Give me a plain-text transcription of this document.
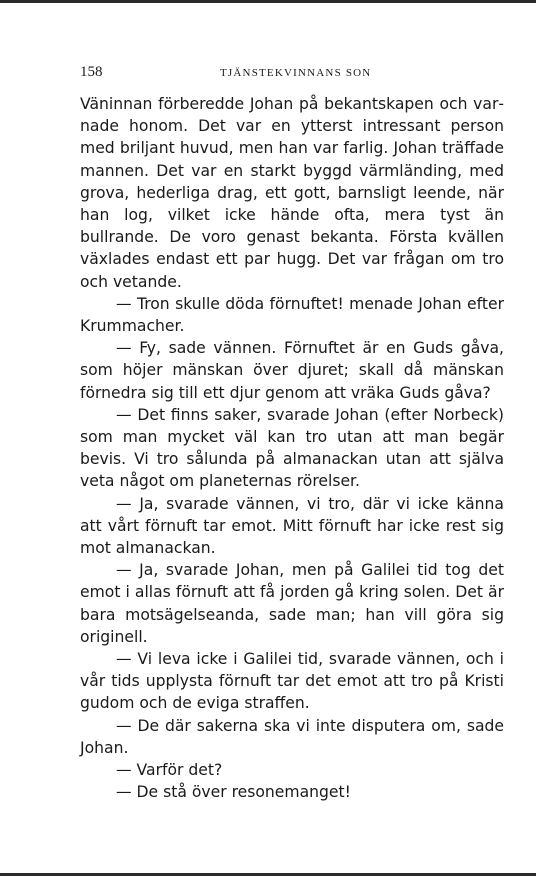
158	TJÄNSTEKVINNANS SON

Väninnan förberedde Johan på bekantskapen och varnade honom. Det var en ytterst intressant person med briljant huvud, men han var farlig. Johan träffade mannen. Det var en starkt byggd värmländing, med grova, hederliga drag, ett gott, barnsligt leende, när han log, vilket icke hände ofta, mera tyst än bullrande. De voro genast bekanta. Första kvällen växlades endast ett par hugg. Det var frågan om tro och vetande.

— Tron skulle döda förnuftet! menade Johan efter Krummacher.

— Fy, sade vännen. Förnuftet är en Guds gåva, som höjer mänskan över djuret; skall då mänskan förnedra sig till ett djur genom att vräka Guds gåva?

— Det finns saker, svarade Johan (efter Norbeck) som man mycket väl kan tro utan att man begär bevis. Vi tro sålunda på almanackan utan att själva veta något om planeternas rörelser.

— Ja, svarade vännen, vi tro, där vi icke känna att vårt förnuft tar emot. Mitt förnuft har icke rest sig mot almanackan.

— Ja, svarade Johan, men på Galilei tid tog det emot i allas förnuft att få jorden gå kring solen. Det är bara motsägelseanda, sade man; han vill göra sig originell.

— Vi leva icke i Galilei tid, svarade vännen, och i vår tids upplysta förnuft tar det emot att tro på Kristi gudom och de eviga straffen.

— De där sakerna ska vi inte disputera om, sade Johan.

— Varför det?

— De stå över resonemanget!
